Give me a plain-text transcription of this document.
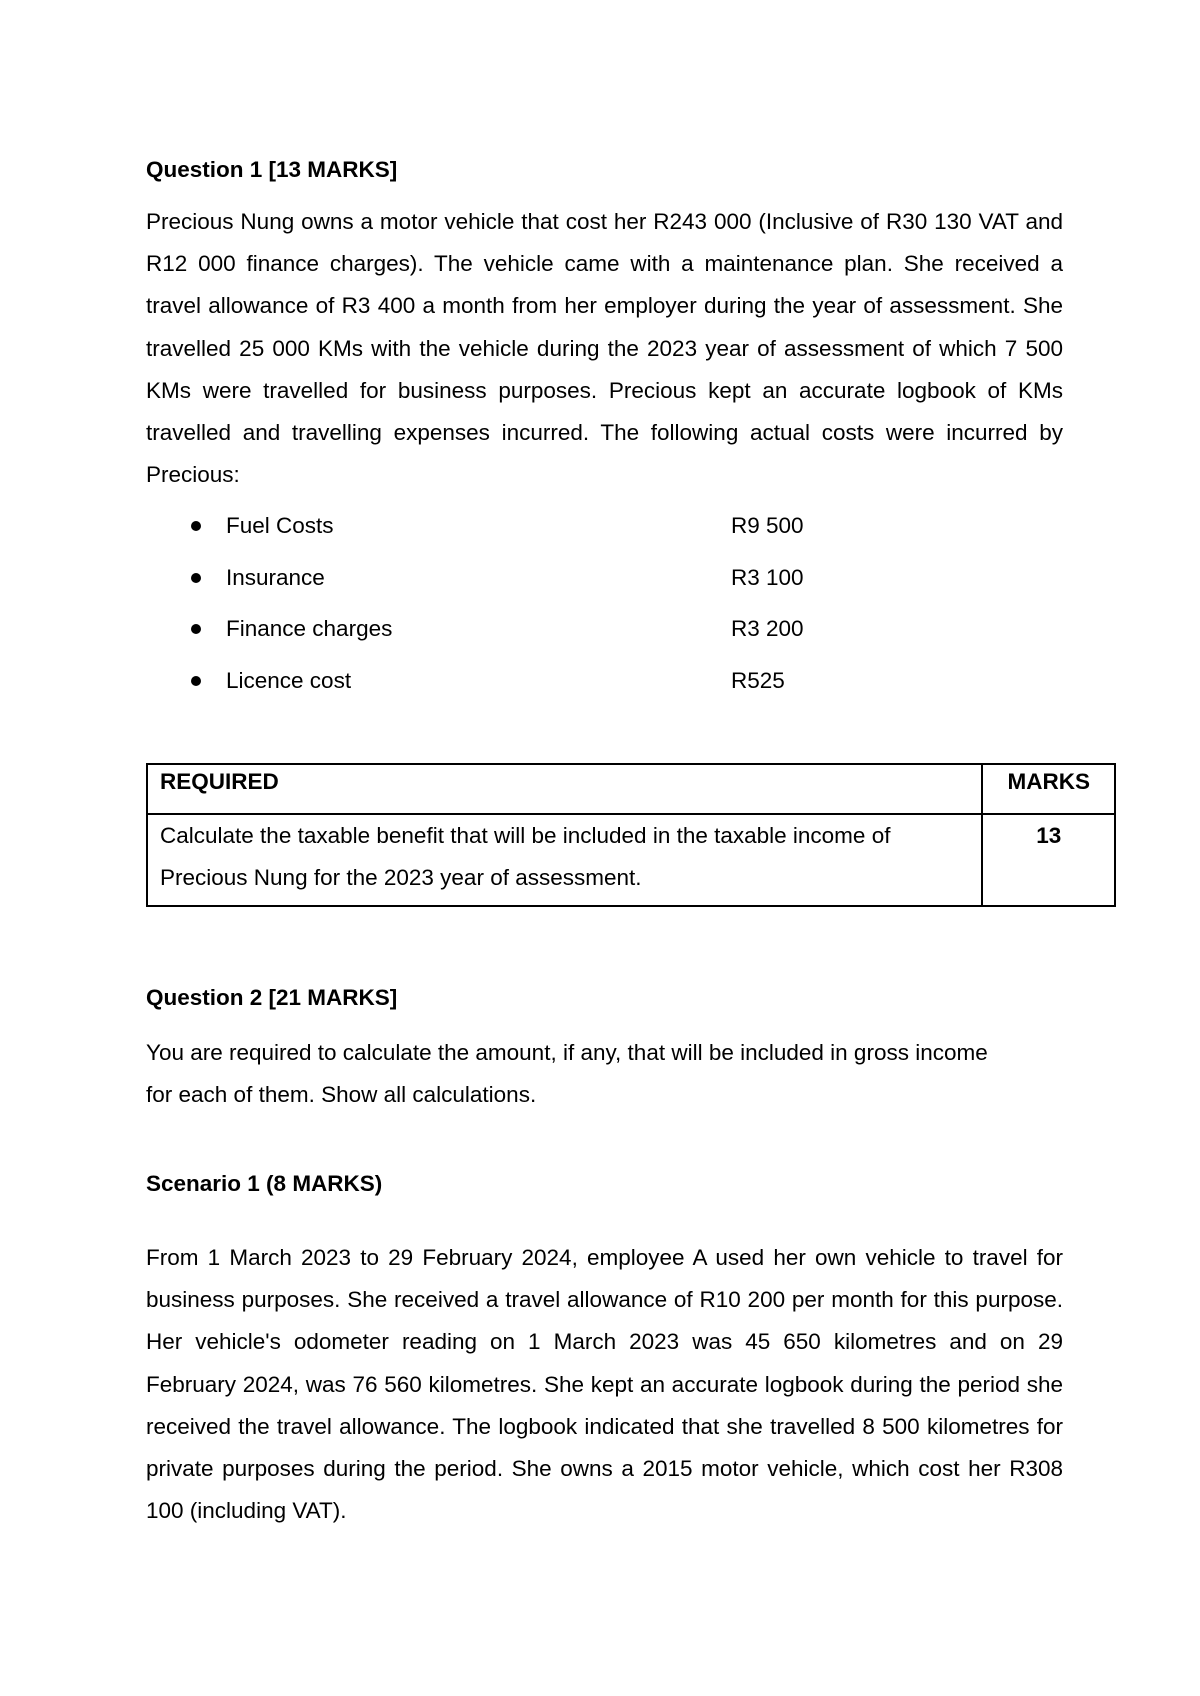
Question 1 [13 MARKS]

Precious Nung owns a motor vehicle that cost her R243 000 (Inclusive of R30 130 VAT and R12 000 finance charges). The vehicle came with a maintenance plan. She received a travel allowance of R3 400 a month from her employer during the year of assessment. She travelled 25 000 KMs with the vehicle during the 2023 year of assessment of which 7 500 KMs were travelled for business purposes. Precious kept an accurate logbook of KMs travelled and travelling expenses incurred. The following actual costs were incurred by Precious:

Fuel Costs	R9 500
Insurance	R3 100
Finance charges	R3 200
Licence cost	R525
REQUIRED	MARKS
Calculate the taxable benefit that will be included in the taxable income of Precious Nung for the 2023 year of assessment.	13
Question 2 [21 MARKS]

You are required to calculate the amount, if any, that will be included in gross income for each of them. Show all calculations.

Scenario 1 (8 MARKS)

From 1 March 2023 to 29 February 2024, employee A used her own vehicle to travel for business purposes. She received a travel allowance of R10 200 per month for this purpose. Her vehicle's odometer reading on 1 March 2023 was 45 650 kilometres and on 29 February 2024, was 76 560 kilometres. She kept an accurate logbook during the period she received the travel allowance. The logbook indicated that she travelled 8 500 kilometres for private purposes during the period. She owns a 2015 motor vehicle, which cost her R308 100 (including VAT).
